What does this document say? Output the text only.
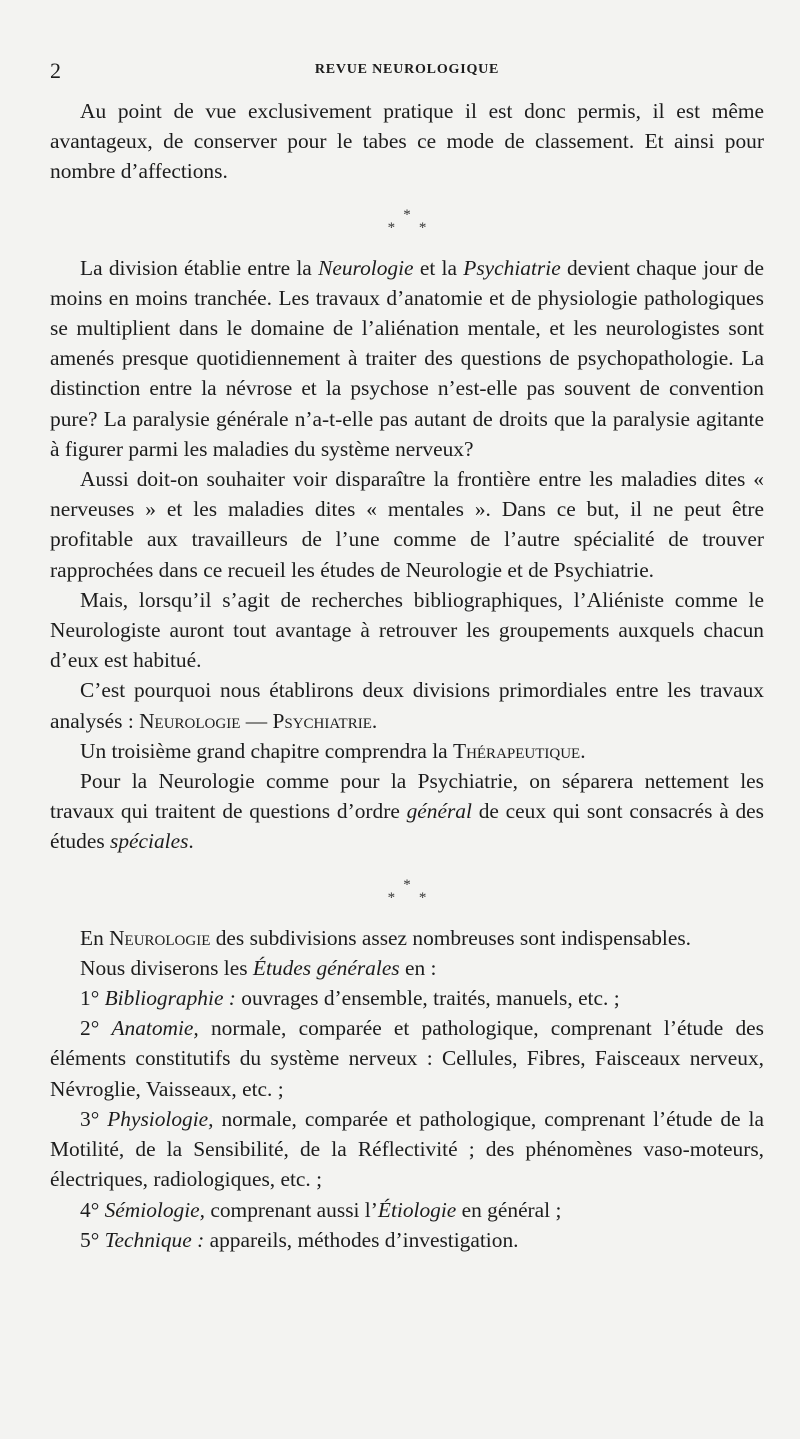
2	REVUE NEUROLOGIQUE

Au point de vue exclusivement pratique il est donc permis, il est même avantageux, de conserver pour le tabes ce mode de classement. Et ainsi pour nombre d’affections.

*
* *

La division établie entre la Neurologie et la Psychiatrie devient chaque jour de moins en moins tranchée. Les travaux d’anatomie et de physiologie pathologiques se multiplient dans le domaine de l’aliénation mentale, et les neurologistes sont amenés presque quotidiennement à traiter des questions de psychopathologie. La distinction entre la névrose et la psychose n’est-elle pas souvent de convention pure? La paralysie générale n’a-t-elle pas autant de droits que la paralysie agitante à figurer parmi les maladies du système nerveux?

Aussi doit-on souhaiter voir disparaître la frontière entre les maladies dites « nerveuses » et les maladies dites « mentales ». Dans ce but, il ne peut être profitable aux travailleurs de l’une comme de l’autre spécialité de trouver rapprochées dans ce recueil les études de Neurologie et de Psychiatrie.

Mais, lorsqu’il s’agit de recherches bibliographiques, l’Aliéniste comme le Neurologiste auront tout avantage à retrouver les groupements auxquels chacun d’eux est habitué.

C’est pourquoi nous établirons deux divisions primordiales entre les travaux analysés : Neurologie — Psychiatrie.

Un troisième grand chapitre comprendra la Thérapeutique.

Pour la Neurologie comme pour la Psychiatrie, on séparera nettement les travaux qui traitent de questions d’ordre général de ceux qui sont consacrés à des études spéciales.

*
* *

En Neurologie des subdivisions assez nombreuses sont indispensables.

Nous diviserons les Études générales en :

1° Bibliographie : ouvrages d’ensemble, traités, manuels, etc. ;

2° Anatomie, normale, comparée et pathologique, comprenant l’étude des éléments constitutifs du système nerveux : Cellules, Fibres, Faisceaux nerveux, Névroglie, Vaisseaux, etc. ;

3° Physiologie, normale, comparée et pathologique, comprenant l’étude de la Motilité, de la Sensibilité, de la Réflectivité ; des phénomènes vaso-moteurs, électriques, radiologiques, etc. ;

4° Sémiologie, comprenant aussi l’Étiologie en général ;

5° Technique : appareils, méthodes d’investigation.
